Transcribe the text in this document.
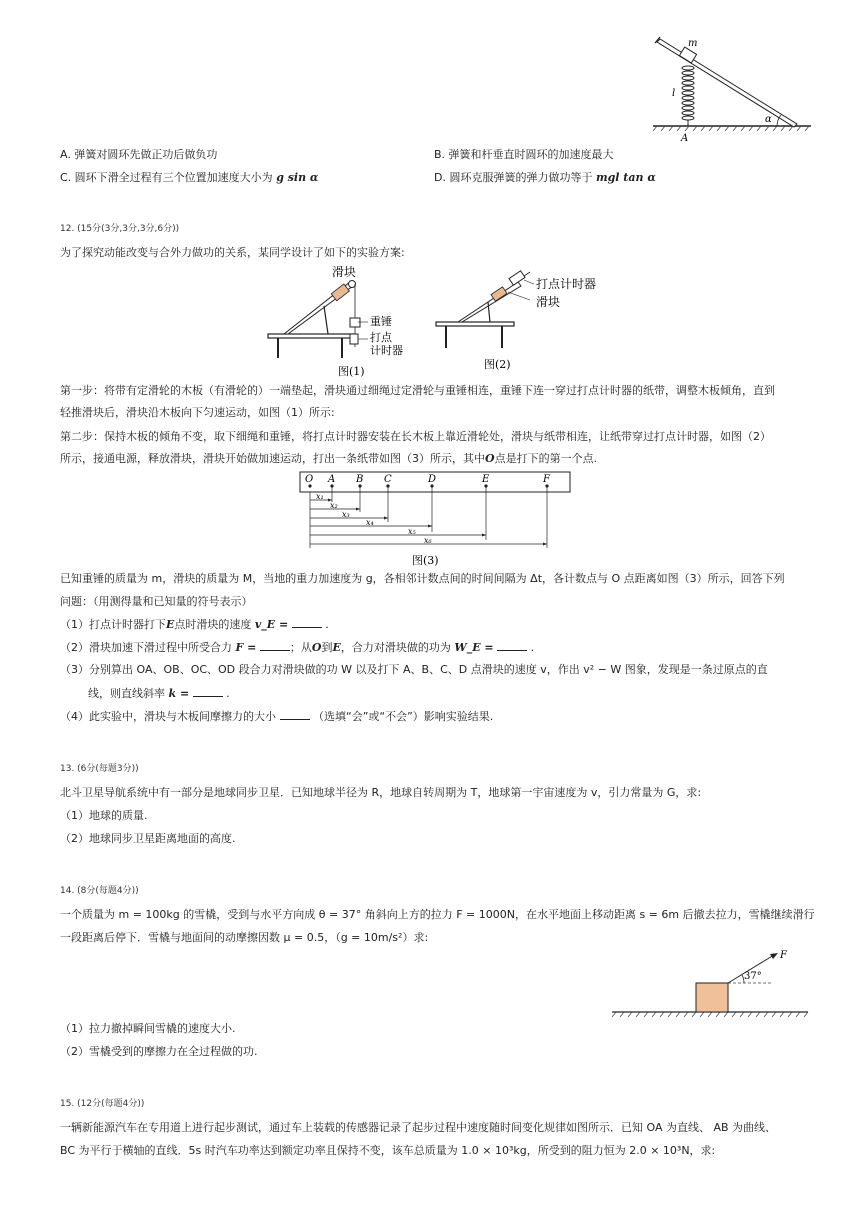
m
l
α
A
A. 弹簧对圆环先做正功后做负功	B. 弹簧和杆垂直时圆环的加速度最大
C. 圆环下滑全过程有三个位置加速度大小为 g sin α	D. 圆环克服弹簧的弹力做功等于 mgl tan α
12. (15分(3分,3分,3分,6分))
为了探究动能改变与合外力做功的关系，某同学设计了如下的实验方案:
滑块
重锤
打点
计时器
图(1)
打点计时器
滑块
图(2)
第一步：将带有定滑轮的木板（有滑轮的）一端垫起，滑块通过细绳过定滑轮与重锤相连，重锤下连一穿过打点计时器的纸带，调整木板倾角，直到
轻推滑块后，滑块沿木板向下匀速运动，如图（1）所示:
第二步：保持木板的倾角不变，取下细绳和重锤，将打点计时器安装在长木板上靠近滑轮处，滑块与纸带相连，让纸带穿过打点计时器，如图（2）
所示，接通电源，释放滑块，滑块开始做加速运动，打出一条纸带如图（3）所示，其中O点是打下的第一个点.
O A B C	D	E	F
x₁
x₂
x₃
x₄
x₅
x₆
图(3)
已知重锤的质量为 m，滑块的质量为 M，当地的重力加速度为 g，各相邻计数点间的时间间隔为 Δt，各计数点与 O 点距离如图（3）所示，回答下列
问题：（用测得量和已知量的符号表示）
（1）打点计时器打下E点时滑块的速度 v_E =	.
（2）滑块加速下滑过程中所受合力 F =	；从O到E，合力对滑块做的功为 W_E =	.
（3）分别算出 OA、OB、OC、OD 段合力对滑块做的功 W 以及打下 A、B、C、D 点滑块的速度 v，作出 v² − W 图象，发现是一条过原点的直
线，则直线斜率 k =	.
（4）此实验中，滑块与木板间摩擦力的大小	（选填“会”或“不会”）影响实验结果.
13. (6分(每题3分))
北斗卫星导航系统中有一部分是地球同步卫星．已知地球半径为 R，地球自转周期为 T，地球第一宇宙速度为 v，引力常量为 G，求:
（1）地球的质量.
（2）地球同步卫星距离地面的高度.
14. (8分(每题4分))
一个质量为 m = 100kg 的雪橇，受到与水平方向成 θ = 37° 角斜向上方的拉力 F = 1000N，在水平地面上移动距离 s = 6m 后撤去拉力，雪橇继续滑行
一段距离后停下．雪橇与地面间的动摩擦因数 μ = 0.5，（g = 10m/s²）求:
F
37°
（1）拉力撤掉瞬间雪橇的速度大小.
（2）雪橇受到的摩擦力在全过程做的功.
15. (12分(每题4分))
一辆新能源汽车在专用道上进行起步测试，通过车上装载的传感器记录了起步过程中速度随时间变化规律如图所示．已知 OA 为直线、 AB 为曲线、
BC 为平行于横轴的直线．5s 时汽车功率达到额定功率且保持不变，该车总质量为 1.0 × 10³kg，所受到的阻力恒为 2.0 × 10³N，求:
